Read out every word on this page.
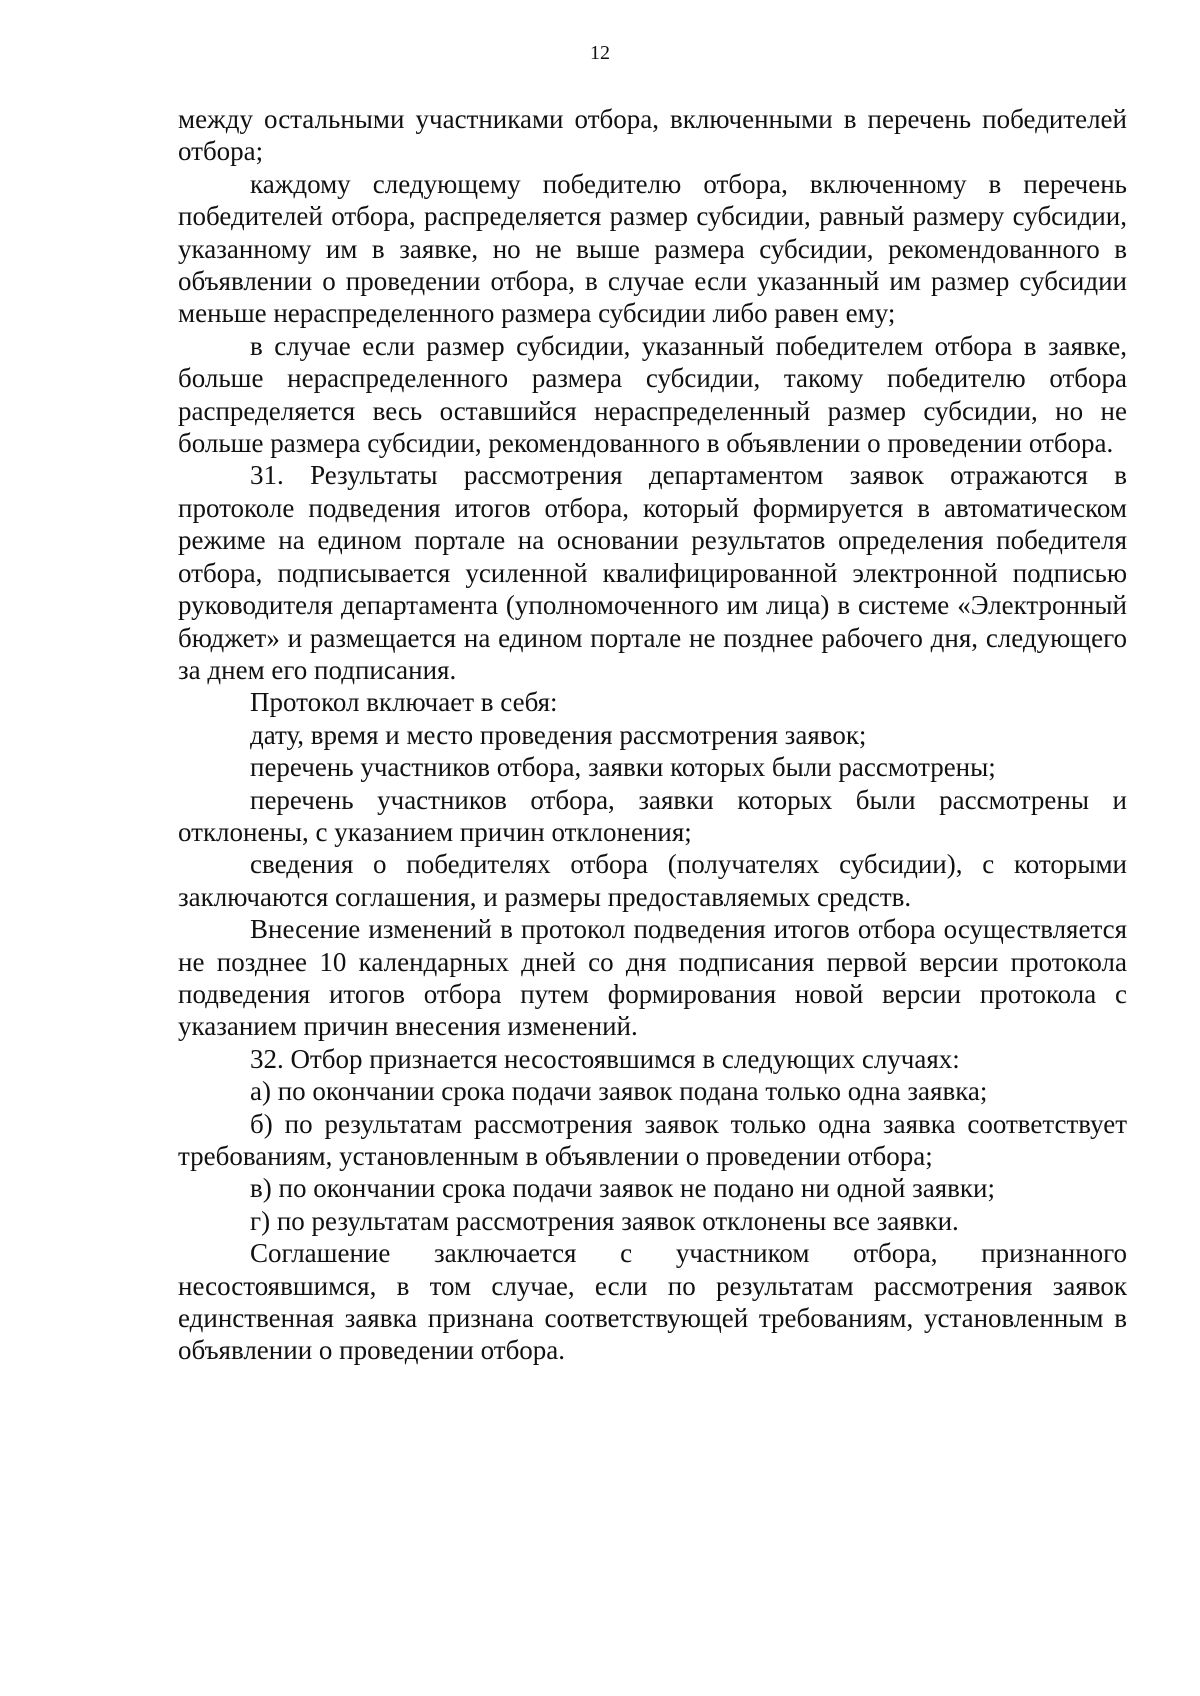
12

между остальными участниками отбора, включенными в перечень победителей отбора;

каждому следующему победителю отбора, включенному в перечень победителей отбора, распределяется размер субсидии, равный размеру субсидии, указанному им в заявке, но не выше размера субсидии, рекомендованного в объявлении о проведении отбора, в случае если указанный им размер субсидии меньше нераспределенного размера субсидии либо равен ему;

в случае если размер субсидии, указанный победителем отбора в заявке, больше нераспределенного размера субсидии, такому победителю отбора распределяется весь оставшийся нераспределенный размер субсидии, но не больше размера субсидии, рекомендованного в объявлении о проведении отбора.

31. Результаты рассмотрения департаментом заявок отражаются в протоколе подведения итогов отбора, который формируется в автоматическом режиме на едином портале на основании результатов определения победителя отбора, подписывается усиленной квалифицированной электронной подписью руководителя департамента (уполномоченного им лица) в системе «Электронный бюджет» и размещается на едином портале не позднее рабочего дня, следующего за днем его подписания.

Протокол включает в себя:

дату, время и место проведения рассмотрения заявок;

перечень участников отбора, заявки которых были рассмотрены;

перечень участников отбора, заявки которых были рассмотрены и отклонены, с указанием причин отклонения;

сведения о победителях отбора (получателях субсидии), с которыми заключаются соглашения, и размеры предоставляемых средств.

Внесение изменений в протокол подведения итогов отбора осуществляется не позднее 10 календарных дней со дня подписания первой версии протокола подведения итогов отбора путем формирования новой версии протокола с указанием причин внесения изменений.

32. Отбор признается несостоявшимся в следующих случаях:

а) по окончании срока подачи заявок подана только одна заявка;

б) по результатам рассмотрения заявок только одна заявка соответствует требованиям, установленным в объявлении о проведении отбора;

в) по окончании срока подачи заявок не подано ни одной заявки;

г) по результатам рассмотрения заявок отклонены все заявки.

Соглашение заключается с участником отбора, признанного несостоявшимся, в том случае, если по результатам рассмотрения заявок единственная заявка признана соответствующей требованиям, установленным в объявлении о проведении отбора.
